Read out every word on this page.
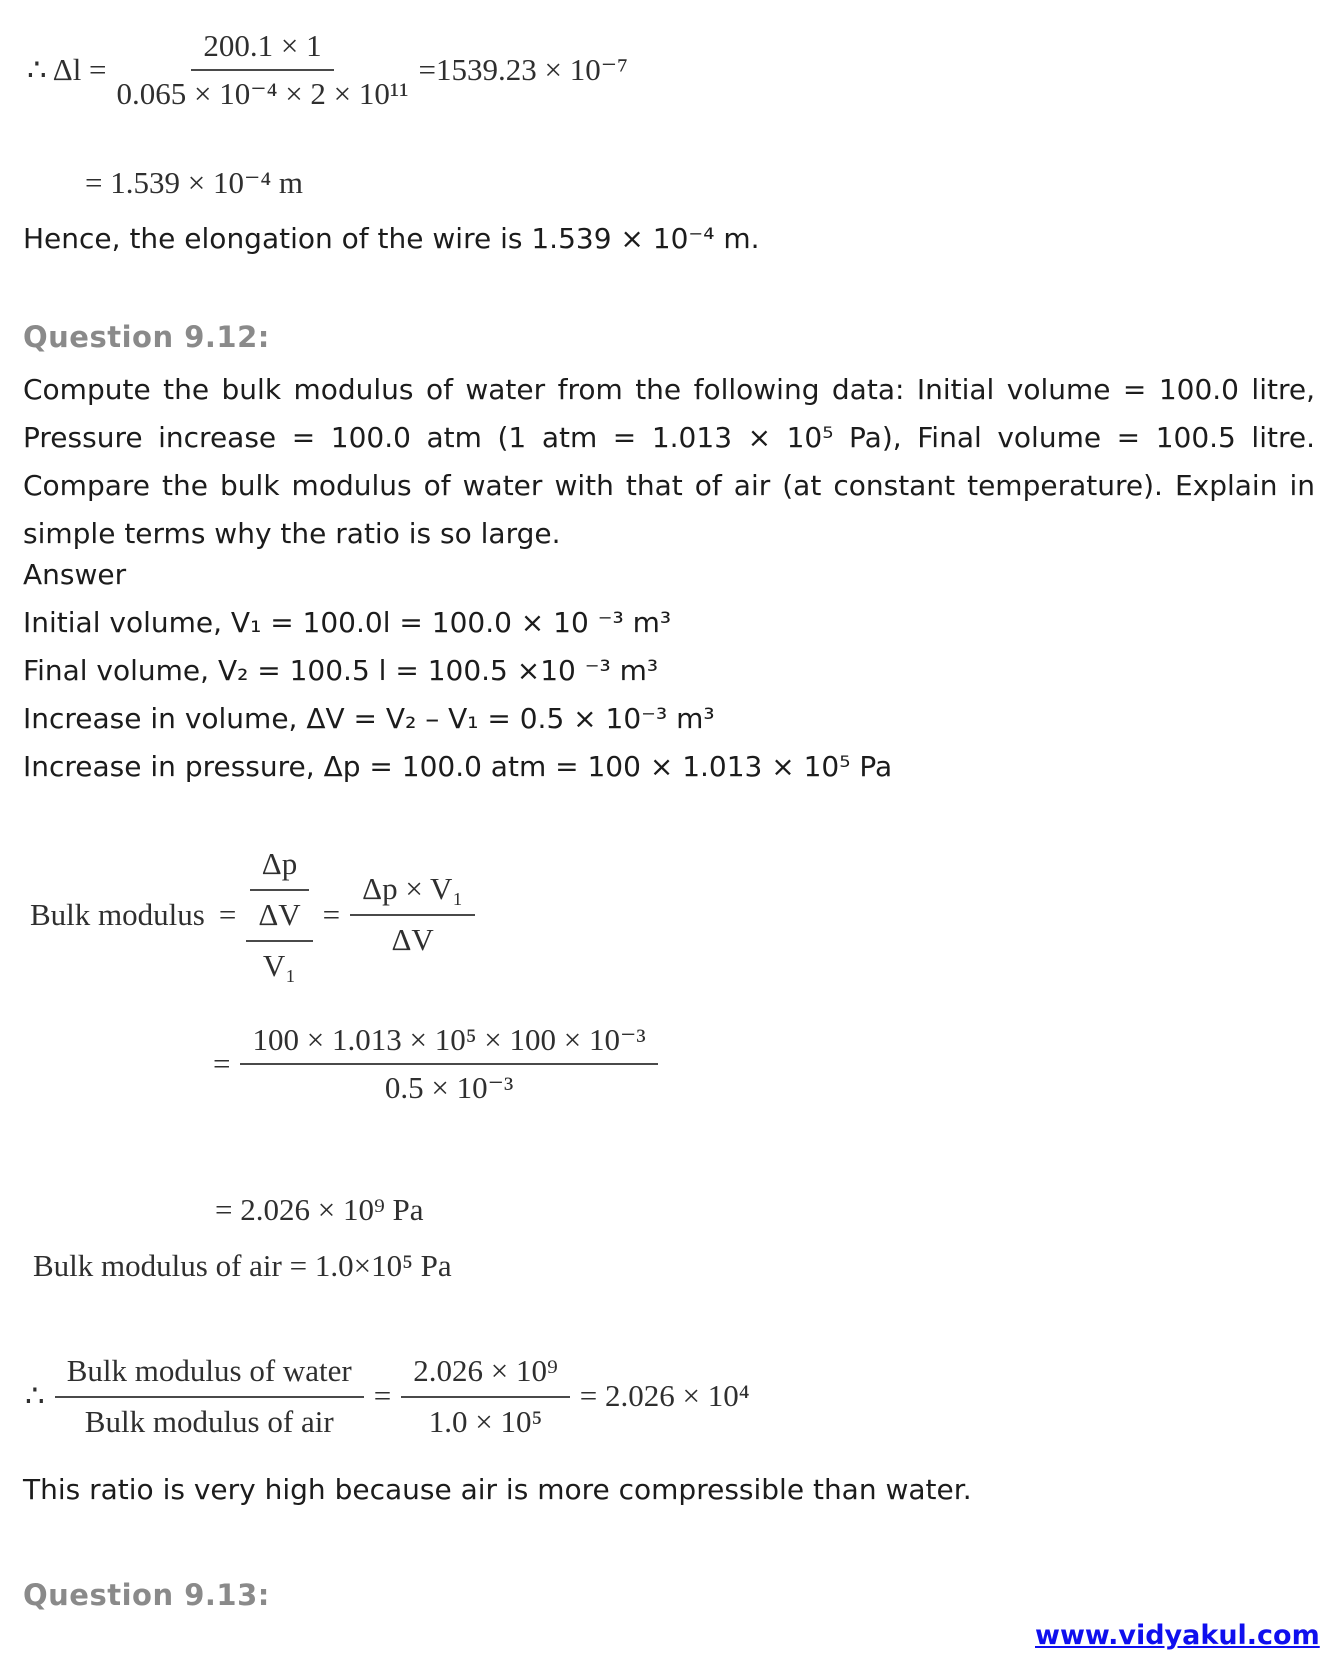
∴ $\Delta l = \frac{200.1 \times 1}{\text{0.065 × 10⁻⁴ × 2 × 10¹¹}} =1539.23 \times 10^{-7}$
= 1.539 × 10⁻⁴ m
Hence, the elongation of the wire is 1.539 × 10⁻⁴ m.
Question 9.12:
Compute the bulk modulus of water from the following data: Initial volume = 100.0 litre,
Pressure increase = 100.0 atm (1 atm = 1.013 × 10⁵ Pa), Final volume = 100.5 litre.
Compare the bulk modulus of water with that of air (at constant temperature). Explain in
simple terms why the ratio is so large.
Answer
Initial volume, V₁ = 100.0l = 100.0 × 10 ⁻³ m³
Final volume, V₂ = 100.5 l = 100.5 ×10 ⁻³ m³
Increase in volume, ΔV = V₂ – V₁ = 0.5 × 10⁻³ m³
Increase in pressure, Δp = 100.0 atm = 100 × 1.013 × 10⁵ Pa
Bulk modulus = $\frac{\Delta p}{\frac{\Delta V}{\text{V₁}}} = \frac{\text{Δp × V₁}}{\Delta V}$
= $\frac{\text{100 × 1.013 × 10⁵ × 100 × 10⁻³}}{\text{0.5 × 10⁻³}}$
= 2.026 × 10⁹ Pa
Bulk modulus of air = 1.0×10⁵ Pa
∴ $\frac{\text{Bulk modulus of water}}{\text{Bulk modulus of air}} = \frac{\text{2.026 × 10⁹}}{\text{1.0 × 10⁵}} = 2.026 \times 10^4$
This ratio is very high because air is more compressible than water.
Question 9.13:
www.vidyakul.com
